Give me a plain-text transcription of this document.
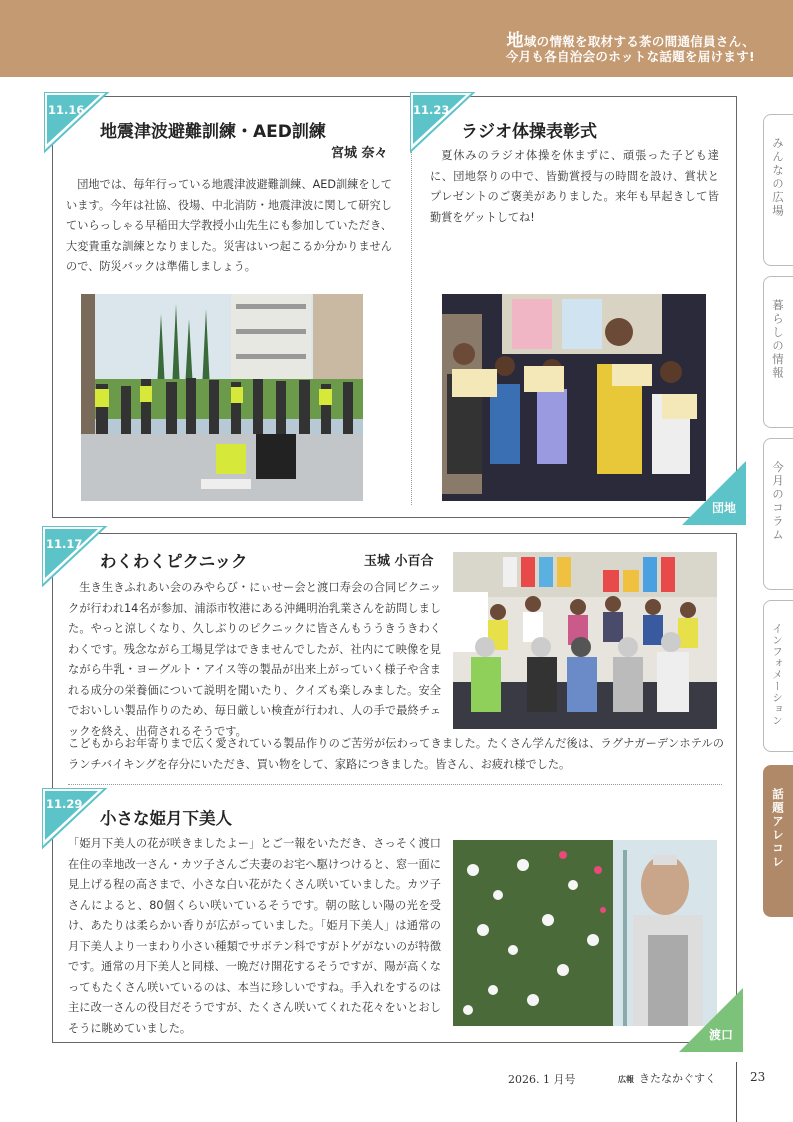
地域の情報を取材する茶の間通信員さん、
今月も各自治会のホットな話題を届けます!
11.16
地震津波避難訓練・AED訓練
宮城 奈々

団地では、毎年行っている地震津波避難訓練、AED訓練をしています。今年は社協、役場、中北消防・地震津波に関して研究していらっしゃる早稲田大学教授小山先生にも参加していただき、大変貴重な訓練となりました。災害はいつ起こるか分かりませんので、防災バックは準備しましょう。

11.23
ラジオ体操表彰式

夏休みのラジオ体操を休まずに、頑張った子ども達に、団地祭りの中で、皆勤賞授与の時間を設け、賞状とプレゼントのご褒美がありました。来年も早起きして皆勤賞をゲットしてね!

団地
11.17
わくわくピクニック	玉城 小百合

生き生きふれあい会のみやらび・にぃせー会と渡口寿会の合同ピクニックが行われ14名が参加、浦添市牧港にある沖縄明治乳業さんを訪問しました。やっと涼しくなり、久しぶりのピクニックに皆さんもううきうきわくわくです。残念ながら工場見学はできませんでしたが、社内にて映像を見ながら牛乳・ヨーグルト・アイス等の製品が出来上がっていく様子や含まれる成分の栄養価について説明を聞いたり、クイズも楽しみました。安全でおいしい製品作りのため、毎日厳しい検査が行われ、人の手で最終チェックを終え、出荷されるそうです。

こどもからお年寄りまで広く愛されている製品作りのご苦労が伝わってきました。たくさん学んだ後は、ラグナガーデンホテルのランチバイキングを存分にいただき、買い物をして、家路につきました。皆さん、お疲れ様でした。

11.29
小さな姫月下美人

「姫月下美人の花が咲きましたよー」とご一報をいただき、さっそく渡口在住の幸地改一さん・カツ子さんご夫妻のお宅へ駆けつけると、窓一面に見上げる程の高さまで、小さな白い花がたくさん咲いていました。カツ子さんによると、80個くらい咲いているそうです。朝の眩しい陽の光を受け、あたりは柔らかい香りが広がっていました。「姫月下美人」は通常の月下美人より一まわり小さい種類でサボテン科ですがトゲがないのが特徴です。通常の月下美人と同様、一晩だけ開花するそうですが、陽が高くなってもたくさん咲いているのは、本当に珍しいですね。手入れをするのは主に改一さんの役目だそうですが、たくさん咲いてくれた花々をいとおしそうに眺めていました。	渡口
みんなの広場
暮らしの情報
今月のコラム
インフォメーション
話題アレコレ
2026. 1 月号	広報 きたなかぐすく	23
